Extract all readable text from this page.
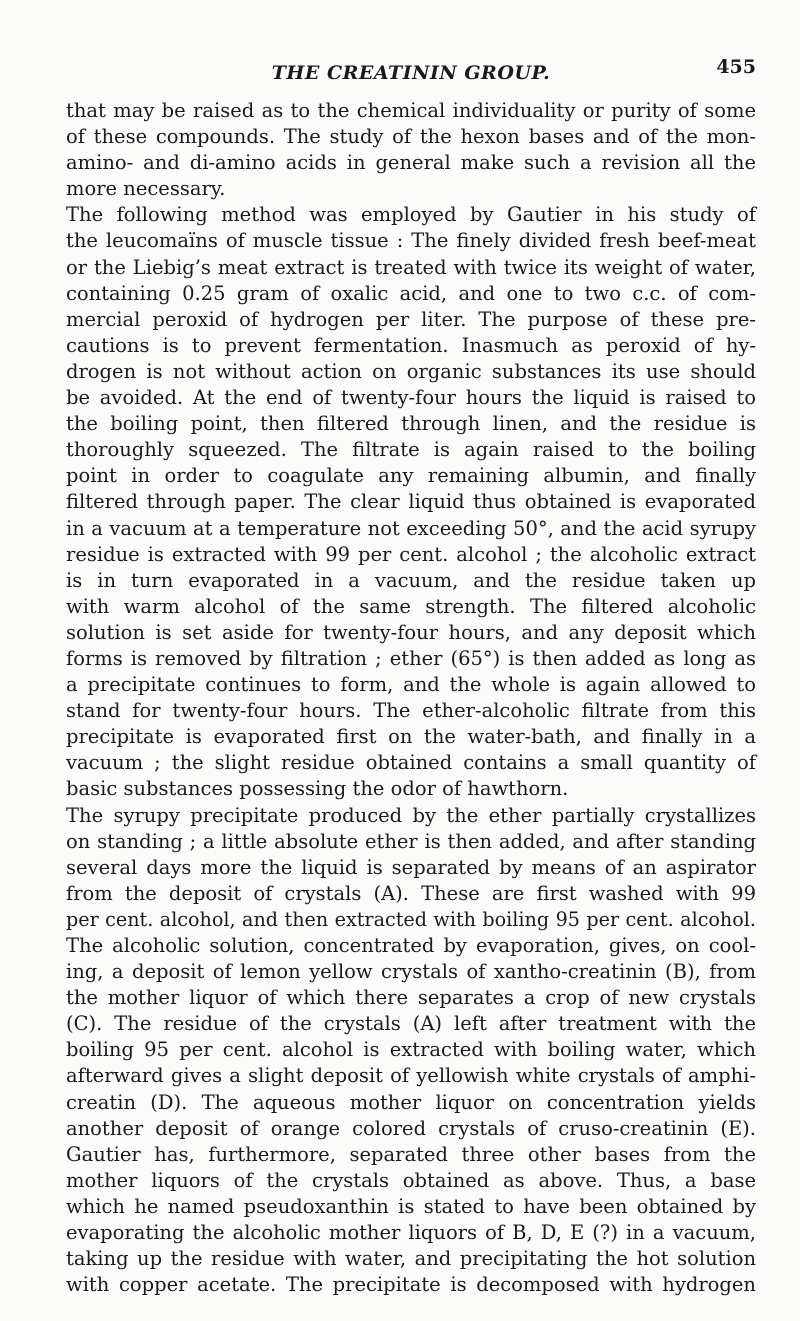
THE CREATININ GROUP.	455
that may be raised as to the chemical individuality or purity of some
of these compounds. The study of the hexon bases and of the mon-
amino- and di-amino acids in general make such a revision all the
more necessary.
The following method was employed by Gautier in his study of
the leucomaïns of muscle tissue : The finely divided fresh beef-meat
or the Liebig’s meat extract is treated with twice its weight of water,
containing 0.25 gram of oxalic acid, and one to two c.c. of com-
mercial peroxid of hydrogen per liter. The purpose of these pre-
cautions is to prevent fermentation. Inasmuch as peroxid of hy-
drogen is not without action on organic substances its use should
be avoided. At the end of twenty-four hours the liquid is raised to
the boiling point, then filtered through linen, and the residue is
thoroughly squeezed. The filtrate is again raised to the boiling
point in order to coagulate any remaining albumin, and finally
filtered through paper. The clear liquid thus obtained is evaporated
in a vacuum at a temperature not exceeding 50°, and the acid syrupy
residue is extracted with 99 per cent. alcohol ; the alcoholic extract
is in turn evaporated in a vacuum, and the residue taken up
with warm alcohol of the same strength. The filtered alcoholic
solution is set aside for twenty-four hours, and any deposit which
forms is removed by filtration ; ether (65°) is then added as long as
a precipitate continues to form, and the whole is again allowed to
stand for twenty-four hours. The ether-alcoholic filtrate from this
precipitate is evaporated first on the water-bath, and finally in a
vacuum ; the slight residue obtained contains a small quantity of
basic substances possessing the odor of hawthorn.
The syrupy precipitate produced by the ether partially crystallizes
on standing ; a little absolute ether is then added, and after standing
several days more the liquid is separated by means of an aspirator
from the deposit of crystals (A). These are first washed with 99
per cent. alcohol, and then extracted with boiling 95 per cent. alcohol.
The alcoholic solution, concentrated by evaporation, gives, on cool-
ing, a deposit of lemon yellow crystals of xantho-creatinin (B), from
the mother liquor of which there separates a crop of new crystals
(C). The residue of the crystals (A) left after treatment with the
boiling 95 per cent. alcohol is extracted with boiling water, which
afterward gives a slight deposit of yellowish white crystals of amphi-
creatin (D). The aqueous mother liquor on concentration yields
another deposit of orange colored crystals of cruso-creatinin (E).
Gautier has, furthermore, separated three other bases from the
mother liquors of the crystals obtained as above. Thus, a base
which he named pseudoxanthin is stated to have been obtained by
evaporating the alcoholic mother liquors of B, D, E (?) in a vacuum,
taking up the residue with water, and precipitating the hot solution
with copper acetate. The precipitate is decomposed with hydrogen
